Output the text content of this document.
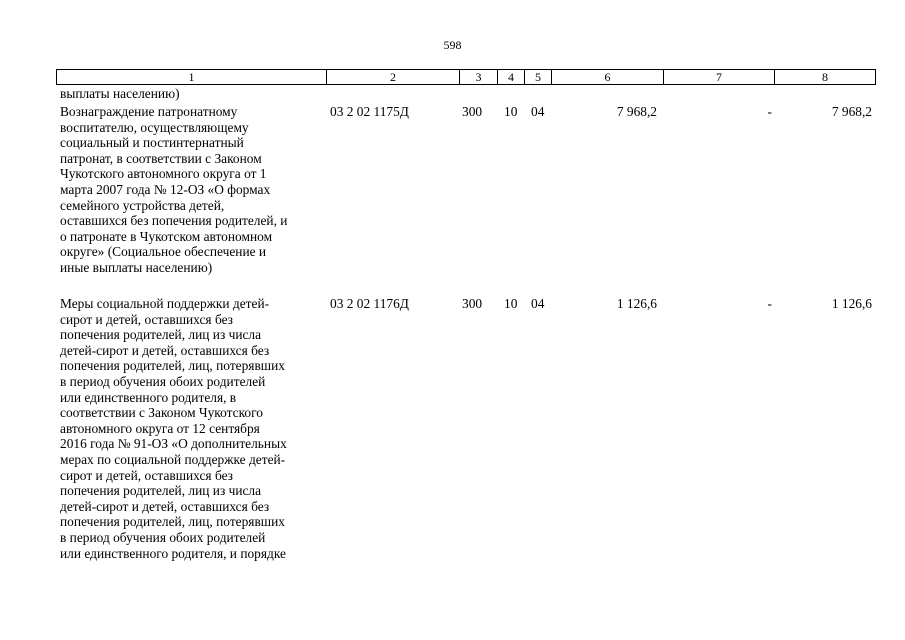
598
1	2	3	4	5	6	7	8
выплаты населению)
Вознаграждение патронатному
воспитателю, осуществляющему
социальный и постинтернатный
патронат, в соответствии с Законом
Чукотского автономного округа от 1
марта 2007 года № 12-ОЗ «О формах
семейного устройства детей,
оставшихся без попечения родителей, и
о патронате в Чукотском автономном
округе» (Социальное обеспечение и
иные выплаты населению)
03 2 02 1175Д	300 10 04	7 968,2	-	7 968,2
Меры социальной поддержки детей-
сирот и детей, оставшихся без
попечения родителей, лиц из числа
детей-сирот и детей, оставшихся без
попечения родителей, лиц, потерявших
в период обучения обоих родителей
или единственного родителя, в
соответствии с Законом Чукотского
автономного округа от 12 сентября
2016 года № 91-ОЗ «О дополнительных
мерах по социальной поддержке детей-
сирот и детей, оставшихся без
попечения родителей, лиц из числа
детей-сирот и детей, оставшихся без
попечения родителей, лиц, потерявших
в период обучения обоих родителей
или единственного родителя, и порядке
03 2 02 1176Д	300 10 04	1 126,6	-	1 126,6
